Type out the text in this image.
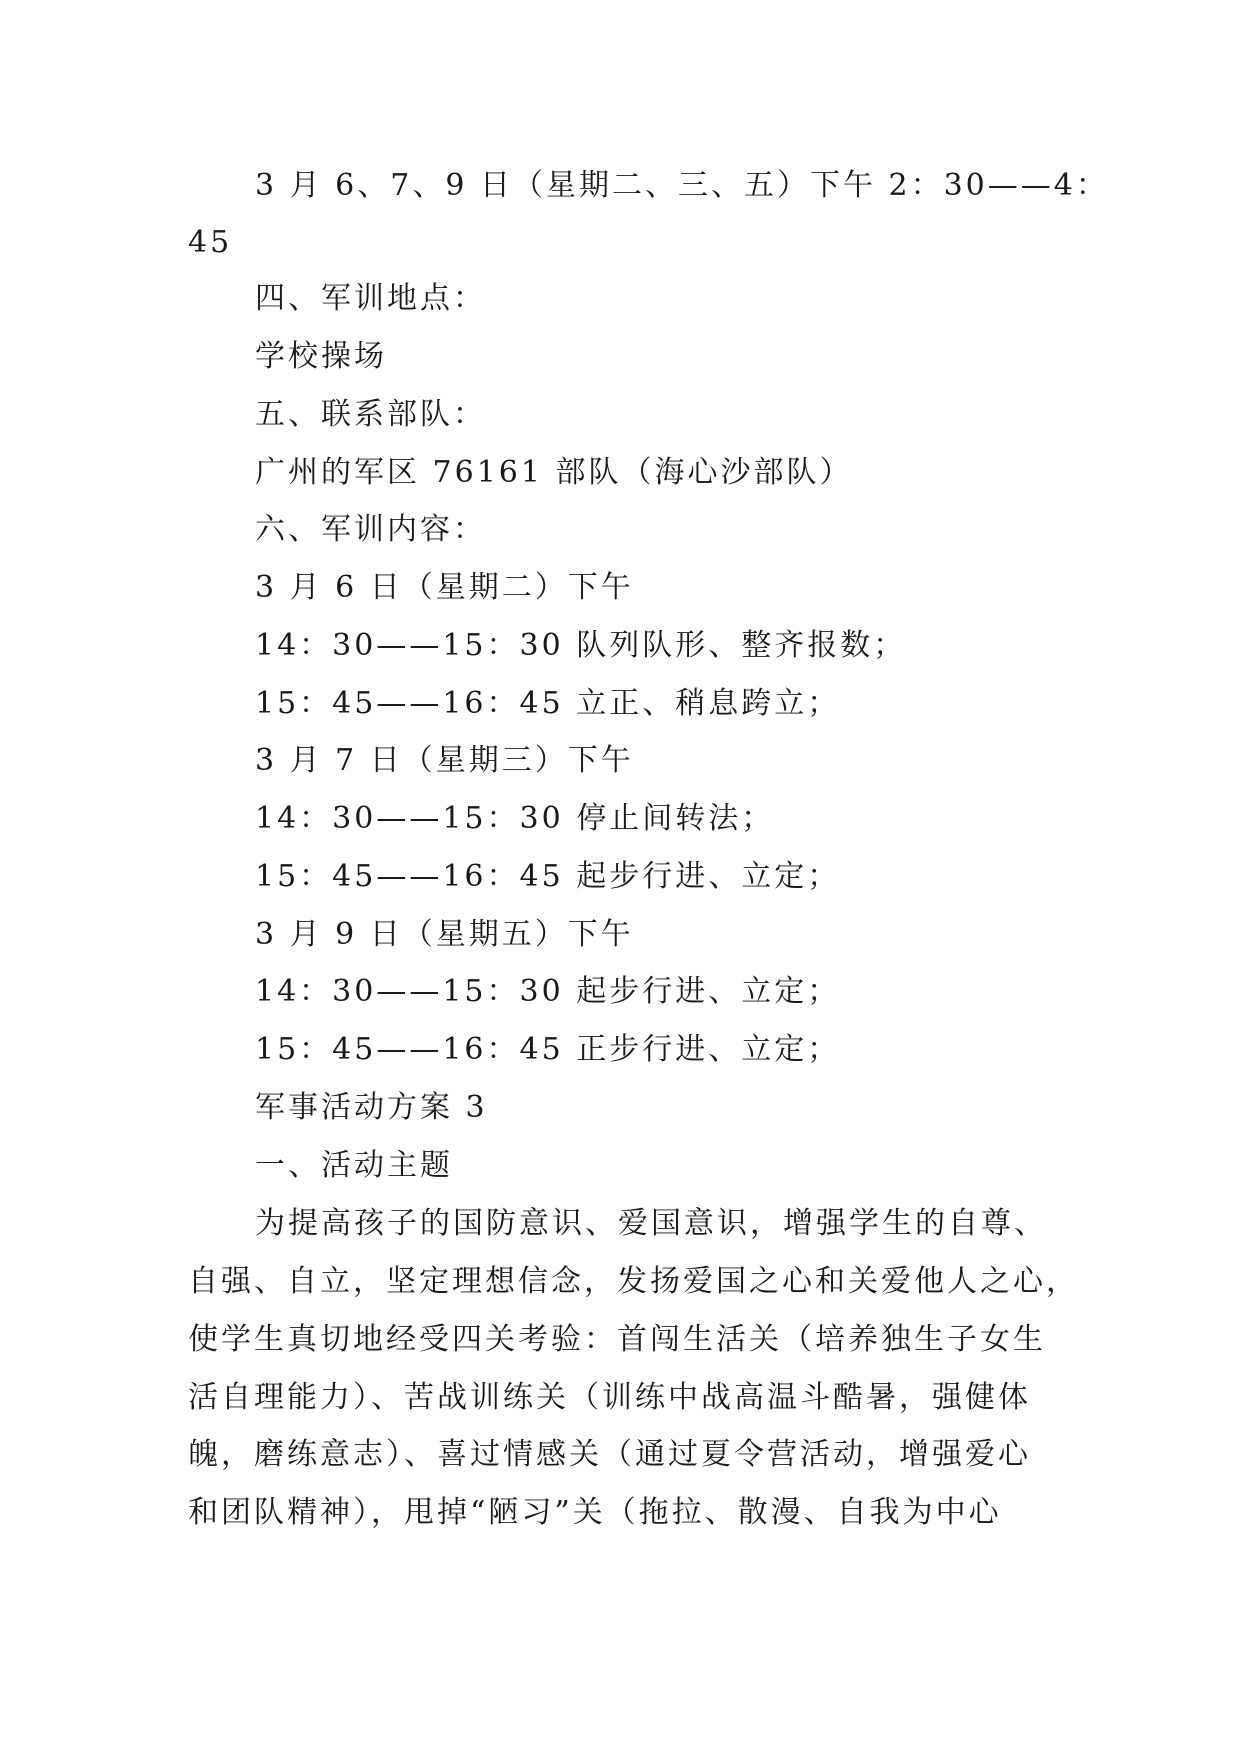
3 月 6、7、9 日（星期二、三、五）下午 2：30——4：
45
四、军训地点：
学校操场
五、联系部队：
广州的军区 76161 部队（海心沙部队）
六、军训内容：
3 月 6 日（星期二）下午
14：30——15：30 队列队形、整齐报数；
15：45——16：45 立正、稍息跨立；
3 月 7 日（星期三）下午
14：30——15：30 停止间转法；
15：45——16：45 起步行进、立定；
3 月 9 日（星期五）下午
14：30——15：30 起步行进、立定；
15：45——16：45 正步行进、立定；
军事活动方案 3
一、活动主题
为提高孩子的国防意识、爱国意识，增强学生的自尊、
自强、自立，坚定理想信念，发扬爱国之心和关爱他人之心，
使学生真切地经受四关考验：首闯生活关（培养独生子女生
活自理能力）、苦战训练关（训练中战高温斗酷暑，强健体
魄，磨练意志）、喜过情感关（通过夏令营活动，增强爱心
和团队精神），甩掉“陋习”关（拖拉、散漫、自我为中心
